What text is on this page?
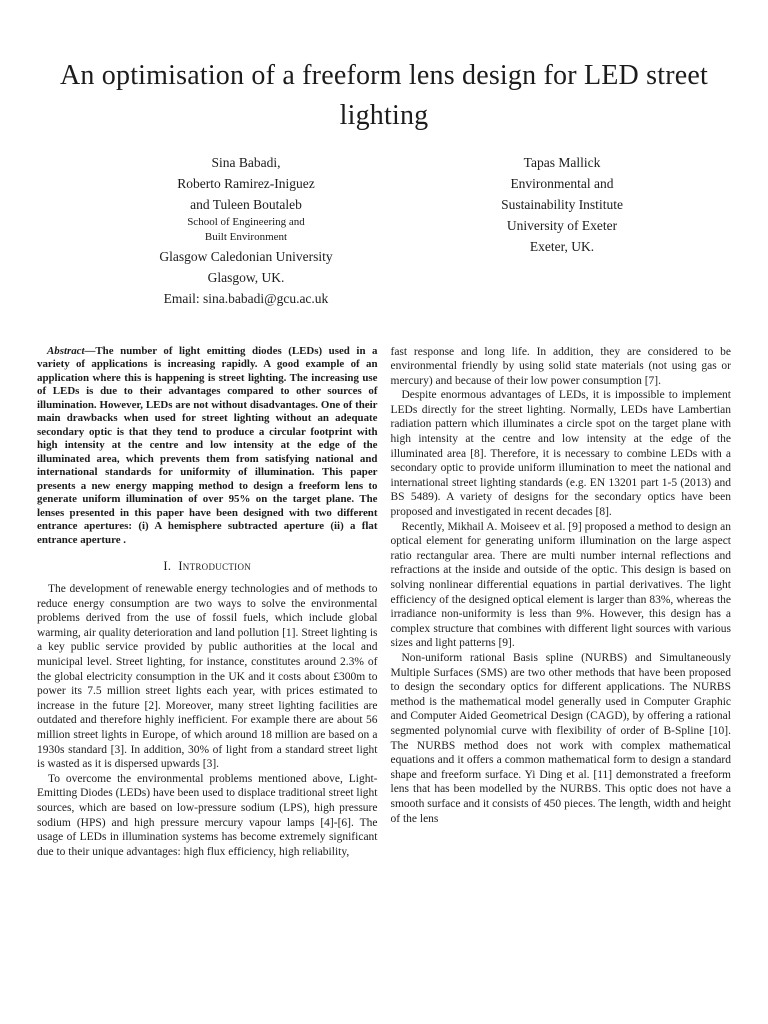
An optimisation of a freeform lens design for LED street lighting
Sina Babadi,
Roberto Ramirez-Iniguez
and Tuleen Boutaleb
School of Engineering and
Built Environment
Glasgow Caledonian University
Glasgow, UK.
Email: sina.babadi@gcu.ac.uk
Tapas Mallick
Environmental and
Sustainability Institute
University of Exeter
Exeter, UK.

Abstract—The number of light emitting diodes (LEDs) used in a variety of applications is increasing rapidly. A good example of an application where this is happening is street lighting. The increasing use of LEDs is due to their advantages compared to other sources of illumination. However, LEDs are not without disadvantages. One of their main drawbacks when used for street lighting without an adequate secondary optic is that they tend to produce a circular footprint with high intensity at the centre and low intensity at the edge of the illuminated area, which prevents them from satisfying national and international standards for uniformity of illumination. This paper presents a new energy mapping method to design a freeform lens to generate uniform illumination of over 95% on the target plane. The lenses presented in this paper have been designed with two different entrance apertures: (i) A hemisphere subtracted aperture (ii) a flat entrance aperture .

I. Introduction

The development of renewable energy technologies and of methods to reduce energy consumption are two ways to solve the environmental problems derived from the use of fossil fuels, which include global warming, air quality deterioration and land pollution [1]. Street lighting is a key public service provided by public authorities at the local and municipal level. Street lighting, for instance, constitutes around 2.3% of the global electricity consumption in the UK and it costs about £300m to power its 7.5 million street lights each year, with prices estimated to increase in the future [2]. Moreover, many street lighting facilities are outdated and therefore highly inefficient. For example there are about 56 million street lights in Europe, of which around 18 million are based on a 1930s standard [3]. In addition, 30% of light from a standard street light is wasted as it is dispersed upwards [3].

To overcome the environmental problems mentioned above, Light-Emitting Diodes (LEDs) have been used to displace traditional street light sources, which are based on low-pressure sodium (LPS), high pressure sodium (HPS) and high pressure mercury vapour lamps [4]-[6]. The usage of LEDs in illumination systems has become extremely significant due to their unique advantages: high flux efficiency, high reliability,

fast response and long life. In addition, they are considered to be environmental friendly by using solid state materials (not using gas or mercury) and because of their low power consumption [7].

Despite enormous advantages of LEDs, it is impossible to implement LEDs directly for the street lighting. Normally, LEDs have Lambertian radiation pattern which illuminates a circle spot on the target plane with high intensity at the centre and low intensity at the edge of the illuminated area [8]. Therefore, it is necessary to combine LEDs with a secondary optic to provide uniform illumination to meet the national and international street lighting standards (e.g. EN 13201 part 1-5 (2013) and BS 5489). A variety of designs for the secondary optics have been proposed and investigated in recent decades [8].

Recently, Mikhail A. Moiseev et al. [9] proposed a method to design an optical element for generating uniform illumination on the large aspect ratio rectangular area. There are multi number internal reflections and refractions at the inside and outside of the optic. This design is based on solving nonlinear differential equations in partial derivatives. The light efficiency of the designed optical element is larger than 83%, whereas the irradiance non-uniformity is less than 9%. However, this design has a complex structure that combines with different light sources with various sizes and light patterns [9].

Non-uniform rational Basis spline (NURBS) and Simultaneously Multiple Surfaces (SMS) are two other methods that have been proposed to design the secondary optics for different applications. The NURBS method is the mathematical model generally used in Computer Graphic and Computer Aided Geometrical Design (CAGD), by offering a rational segmented polynomial curve with flexibility of order of B-Spline [10]. The NURBS method does not work with complex mathematical equations and it offers a common mathematical form to design a standard shape and freeform surface. Yi Ding et al. [11] demonstrated a freeform lens that has been modelled by the NURBS. This optic does not have a smooth surface and it consists of 450 pieces. The length, width and height of the lens
